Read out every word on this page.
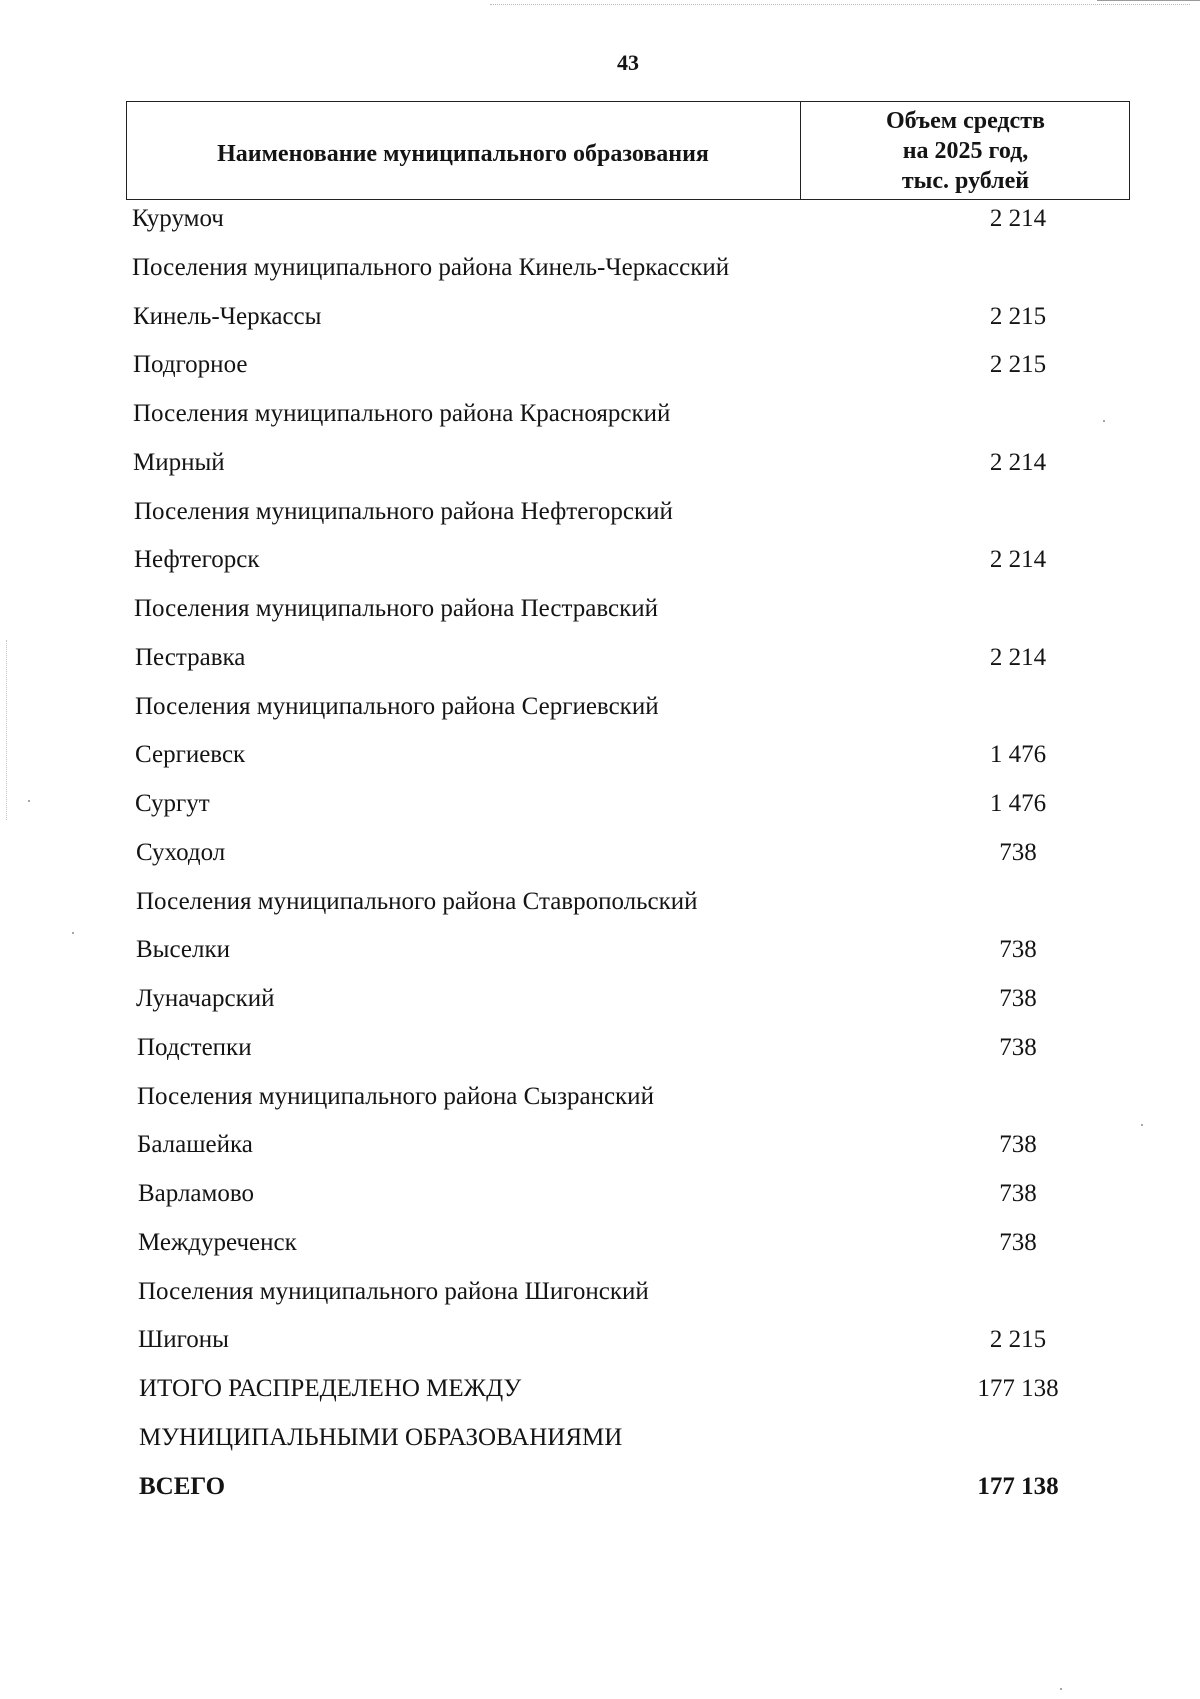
43
Наименование муниципального образования
Объем средств
на 2025 год,
тыс. рублей
Курумоч	2 214
Поселения муниципального района Кинель-Черкасский
Кинель-Черкассы	2 215
Подгорное	2 215
Поселения муниципального района Красноярский
Мирный	2 214
Поселения муниципального района Нефтегорский
Нефтегорск	2 214
Поселения муниципального района Пестравский
Пестравка	2 214
Поселения муниципального района Сергиевский
Сергиевск	1 476
Сургут	1 476
Суходол	738
Поселения муниципального района Ставропольский
Выселки	738
Луначарский	738
Подстепки	738
Поселения муниципального района Сызранский
Балашейка	738
Варламово	738
Междуреченск	738
Поселения муниципального района Шигонский
Шигоны	2 215
ИТОГО РАСПРЕДЕЛЕНО МЕЖДУ	177 138
МУНИЦИПАЛЬНЫМИ ОБРАЗОВАНИЯМИ
ВСЕГО	177 138
